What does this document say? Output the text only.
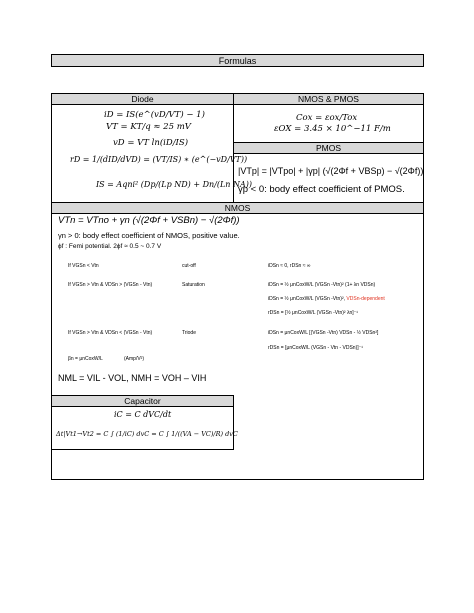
Formulas
Diode	NMOS & PMOS
iD = IS(e^(vD/VT) − 1)
VT = KT/q ≈ 25 mV
vD = VT ln(iD/IS)
rD = 1/(dID/dVD) = (VT/IS) ∗ (e^(−vD/VT))
IS = Aqni² (Dp/(Lp ND) + Dn/(Ln NA))
Cox = εox/Tox
εOX = 3.45 × 10^−11 F/m
PMOS
|VTp| = |VTpo| + |γp| (√(2Φf + VBSp) − √(2Φf))
γp < 0: body effect coefficient of PMOS.
NMOS
VTn = VTno + γn (√(2Φf + VSBn) − √(2Φf))
γn > 0: body effect coefficient of NMOS, positive value.
ϕf : Femi potential. 2ϕf ≈ 0.5 ~ 0.7 V
If VGSn < Vtn	cut-off	iDSn ≈ 0, rDSn ≈ ∞
If VGSn > Vtn & VDSn > (VGSn - Vtn)	Saturation	iDSn = ½ μnCoxW/L (VGSn -Vtn)² (1+ λn VDSn)
iDSn = ½ μnCoxW/L (VGSn -Vtn)², VDSn-dependent
rDSn = [½ μnCoxW/L (VGSn -Vtn)² λn]⁻¹
If VGSn > Vtn & VDSn < (VGSn - Vtn)	Triode	iDSn = μnCoxW/L [(VGSn -Vtn) VDSn - ½ VDSn²]
rDSn = [μnCoxW/L (VGSn - Vtn - VDSn)]⁻¹
βn = μnCoxW/L	(Amp/V²)
NML = VIL - VOL, NMH = VOH – VIH
Capacitor
iC = C dVC/dt
Δt|Vt1→Vt2 = C ∫ (1/iC) dvC = C ∫ 1/((VA − VC)/R) dvC
